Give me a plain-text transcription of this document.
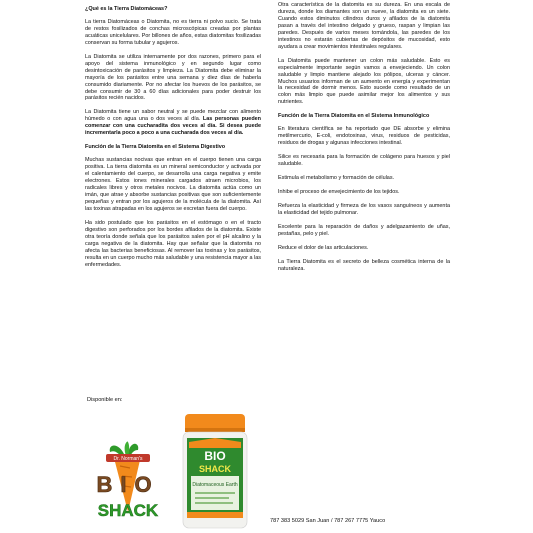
¿Qué es la Tierra Diatomáceas?

La tierra Diatomáceas o Diatomita, no es tierra ni polvo sucio. Se trata de restos fosilizados de conchas microscópicas creadas por plantas acuáticas unicelulares. Por billones de años, estas diatomitas fosilizadas conservan su forma tubular y agujeros.

La Diatomita se utiliza internamente por dos razones, primero para el apoyo del sistema inmunológico y en segundo lugar como desintoxicación de parásitos y limpieza. La Diatomita debe eliminar la mayoría de los parásitos entre una semana y diez días de haberla consumido diariamente. Por no afectar los huevos de los parásitos, se debe consumir de 30 a 60 días adicionales para poder destruir los parásitos recién nacidos.

La Diatomita tiene un sabor neutral y se puede mezclar con alimento húmedo o con agua una o dos veces al día. Las personas pueden comenzar con una cucharadita dos veces al día. Si desea puede incrementarla poco a poco a una cucharada dos veces al día.

Función de la Tierra Diatomita en el Sistema Digestivo

Muchas sustancias nocivas que entran en el cuerpo tienen una carga positiva. La tierra diatomita es un mineral semiconductor y activada por el calentamiento del cuerpo, se desarrolla una carga negativa y emite electrones. Estos iones minerales cargados atraen microbios, los radicales libres y otros metales nocivos. La diatomita actúa como un imán, que atrae y absorbe sustancias positivas que son suficientemente pequeñas y entran por los agujeros de la molécula de la diatomita. Así las toxinas atrapadas en los agujeros se excretan fuera del cuerpo.

Ha sido postulado que los parásitos en el estómago o en el tracto digestivo son perforados por los bordes afilados de la diatomita. Existe otra teoría donde señala que los parásitos salen por el pH alcalino y la carga negativa de la diatomita. Hay que señalar que la diatomita no afecta las bacterias beneficiosas. Al remover las toxinas y los parásitos, resulta en un cuerpo mucho más saludable y una resistencia mayor a las enfermedades.

Otra característica de la diatomita es su dureza. En una escala de dureza, donde los diamantes son un nueve, la diatomita es un siete. Cuando estos diminutos cilindros duros y afilados de la diatomita pasan a través del intestino delgado y grueso, raspan y limpian las paredes. Después de varios meses tomándola, las paredes de los intestinos no estarán cubiertas de depósitos de mucosidad, esto ayudara a crear movimientos intestinales regulares.

La Diatomita puede mantener un colon más saludable. Esto es especialmente importante según vamos a envejeciendo. Un colon saludable y limpio mantiene alejado los pólipos, ulceras y cáncer. Muchos usuarios informan de un aumento en energía y experimentan la necesidad de dormir menos. Esto sucede como resultado de un colon más limpio que puede asimilar mejor los alimentos y sus nutrientes.

Función de la Tierra Diatomita en el Sistema Inmunológico

En literatura científica se ha reportado que DE absorbe y elimina metilmercurio, E-coli, endotoxinas, virus, residuos de pesticidas, residuos de drogas y algunas infecciones intestinal.

Silice es necesaria para la formación de colágeno para huesos y piel saludable.

Estimula el metabolismo y formación de células.

Inhibe el proceso de envejecimiento de los tejidos.

Refuerza la elasticidad y firmeza de los vasos sanguíneos y aumenta la elasticidad del tejido pulmonar.

Excelente para la reparación de daños y adelgazamiento de uñas, pestañas, pelo y piel.

Reduce el dolor de las articulaciones.

La Tierra Diatomita es el secreto de belleza cosmética interna de la naturaleza.

Disponible en:
Dr. Norman's
BIO
SHACK
BIO
SHACK
Diatomaceous Earth
787 383 5029 San Juan / 787 267 7775 Yauco
